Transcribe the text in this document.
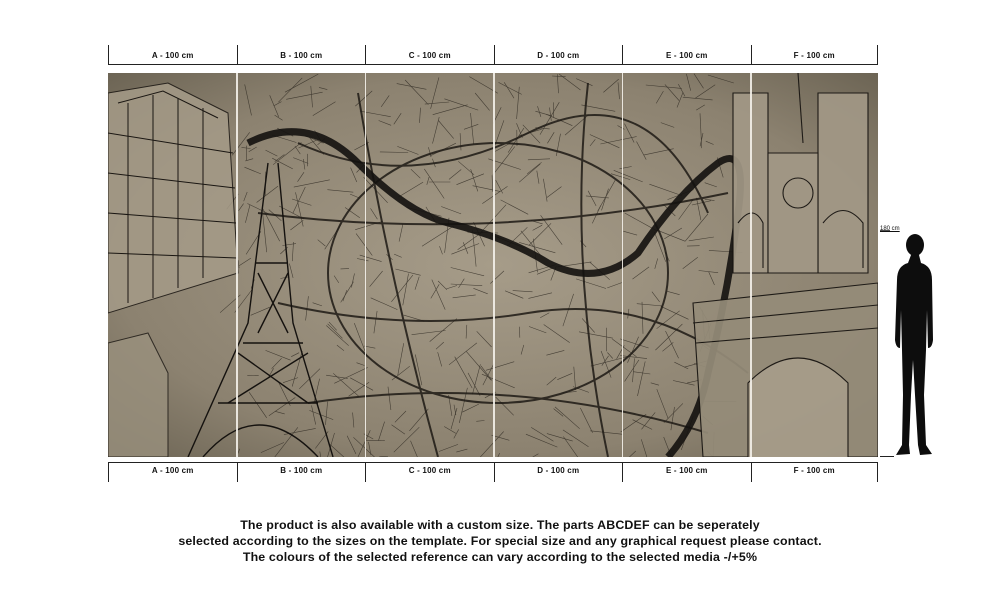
A - 100 cm	B - 100 cm	C - 100 cm	D - 100 cm	E - 100 cm	F - 100 cm
A - 100 cm	B - 100 cm	C - 100 cm	D - 100 cm	E - 100 cm	F - 100 cm
180 cm
The product is also available with a custom size. The parts ABCDEF can be seperately
selected according to the sizes on the template. For special size and any graphical request please contact.
The colours of the selected reference can vary according to the selected media -/+5%
